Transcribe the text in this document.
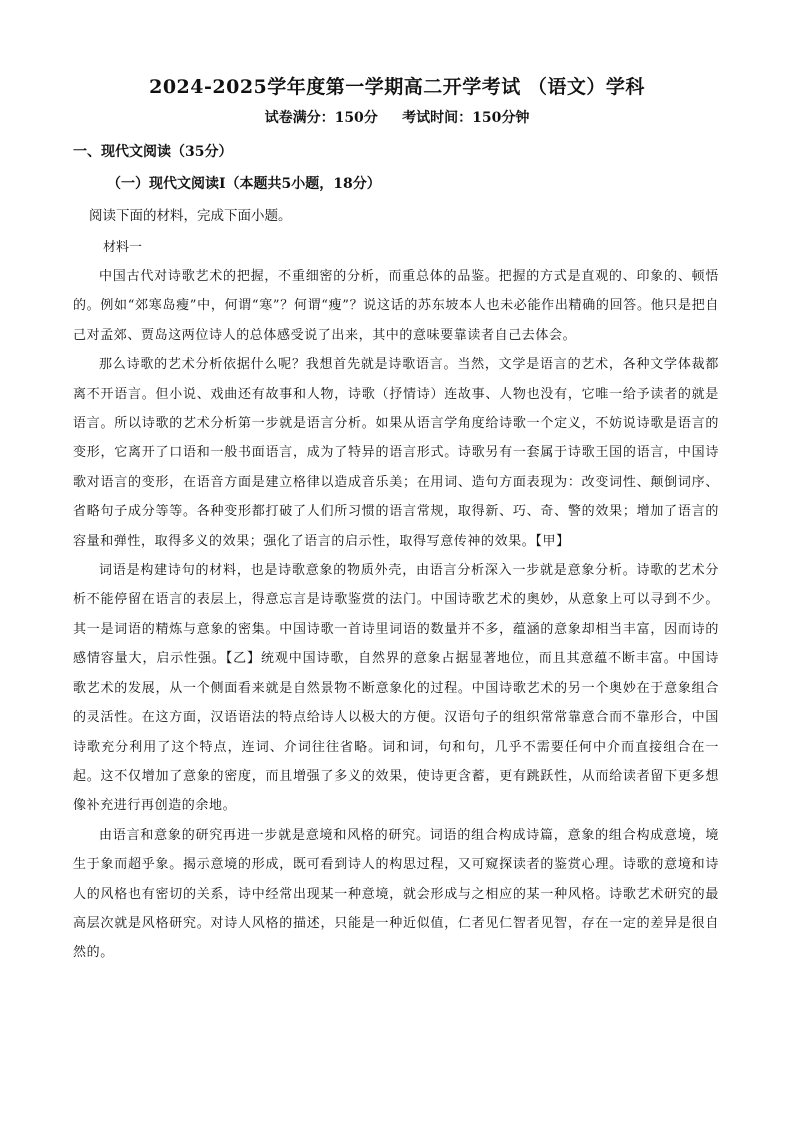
2024-2025学年度第一学期高二开学考试 （语文）学科
试卷满分：150分     考试时间：150分钟
一、现代文阅读（35分）
（一）现代文阅读Ⅰ（本题共5小题，18分）
阅读下面的材料，完成下面小题。
材料一

中国古代对诗歌艺术的把握，不重细密的分析，而重总体的品鉴。把握的方式是直观的、印象的、顿悟的。例如“郊寒岛瘦”中，何谓“寒”？何谓“瘦”？说这话的苏东坡本人也未必能作出精确的回答。他只是把自己对孟郊、贾岛这两位诗人的总体感受说了出来，其中的意味要靠读者自己去体会。

那么诗歌的艺术分析依据什么呢？我想首先就是诗歌语言。当然，文学是语言的艺术，各种文学体裁都离不开语言。但小说、戏曲还有故事和人物，诗歌（抒情诗）连故事、人物也没有，它唯一给予读者的就是语言。所以诗歌的艺术分析第一步就是语言分析。如果从语言学角度给诗歌一个定义，不妨说诗歌是语言的变形，它离开了口语和一般书面语言，成为了特异的语言形式。诗歌另有一套属于诗歌王国的语言，中国诗歌对语言的变形，在语音方面是建立格律以造成音乐美；在用词、造句方面表现为：改变词性、颠倒词序、省略句子成分等等。各种变形都打破了人们所习惯的语言常规，取得新、巧、奇、警的效果；增加了语言的容量和弹性，取得多义的效果；强化了语言的启示性，取得写意传神的效果。【甲】

词语是构建诗句的材料，也是诗歌意象的物质外壳，由语言分析深入一步就是意象分析。诗歌的艺术分析不能停留在语言的表层上，得意忘言是诗歌鉴赏的法门。中国诗歌艺术的奥妙，从意象上可以寻到不少。其一是词语的精炼与意象的密集。中国诗歌一首诗里词语的数量并不多，蕴涵的意象却相当丰富，因而诗的感情容量大，启示性强。【乙】统观中国诗歌，自然界的意象占据显著地位，而且其意蕴不断丰富。中国诗歌艺术的发展，从一个侧面看来就是自然景物不断意象化的过程。中国诗歌艺术的另一个奥妙在于意象组合的灵活性。在这方面，汉语语法的特点给诗人以极大的方便。汉语句子的组织常常靠意合而不靠形合，中国诗歌充分利用了这个特点，连词、介词往往省略。词和词，句和句，几乎不需要任何中介而直接组合在一起。这不仅增加了意象的密度，而且增强了多义的效果，使诗更含蓄，更有跳跃性，从而给读者留下更多想像补充进行再创造的余地。

由语言和意象的研究再进一步就是意境和风格的研究。词语的组合构成诗篇，意象的组合构成意境，境生于象而超乎象。揭示意境的形成，既可看到诗人的构思过程，又可窥探读者的鉴赏心理。诗歌的意境和诗人的风格也有密切的关系，诗中经常出现某一种意境，就会形成与之相应的某一种风格。诗歌艺术研究的最高层次就是风格研究。对诗人风格的描述，只能是一种近似值，仁者见仁智者见智，存在一定的差异是很自然的。
